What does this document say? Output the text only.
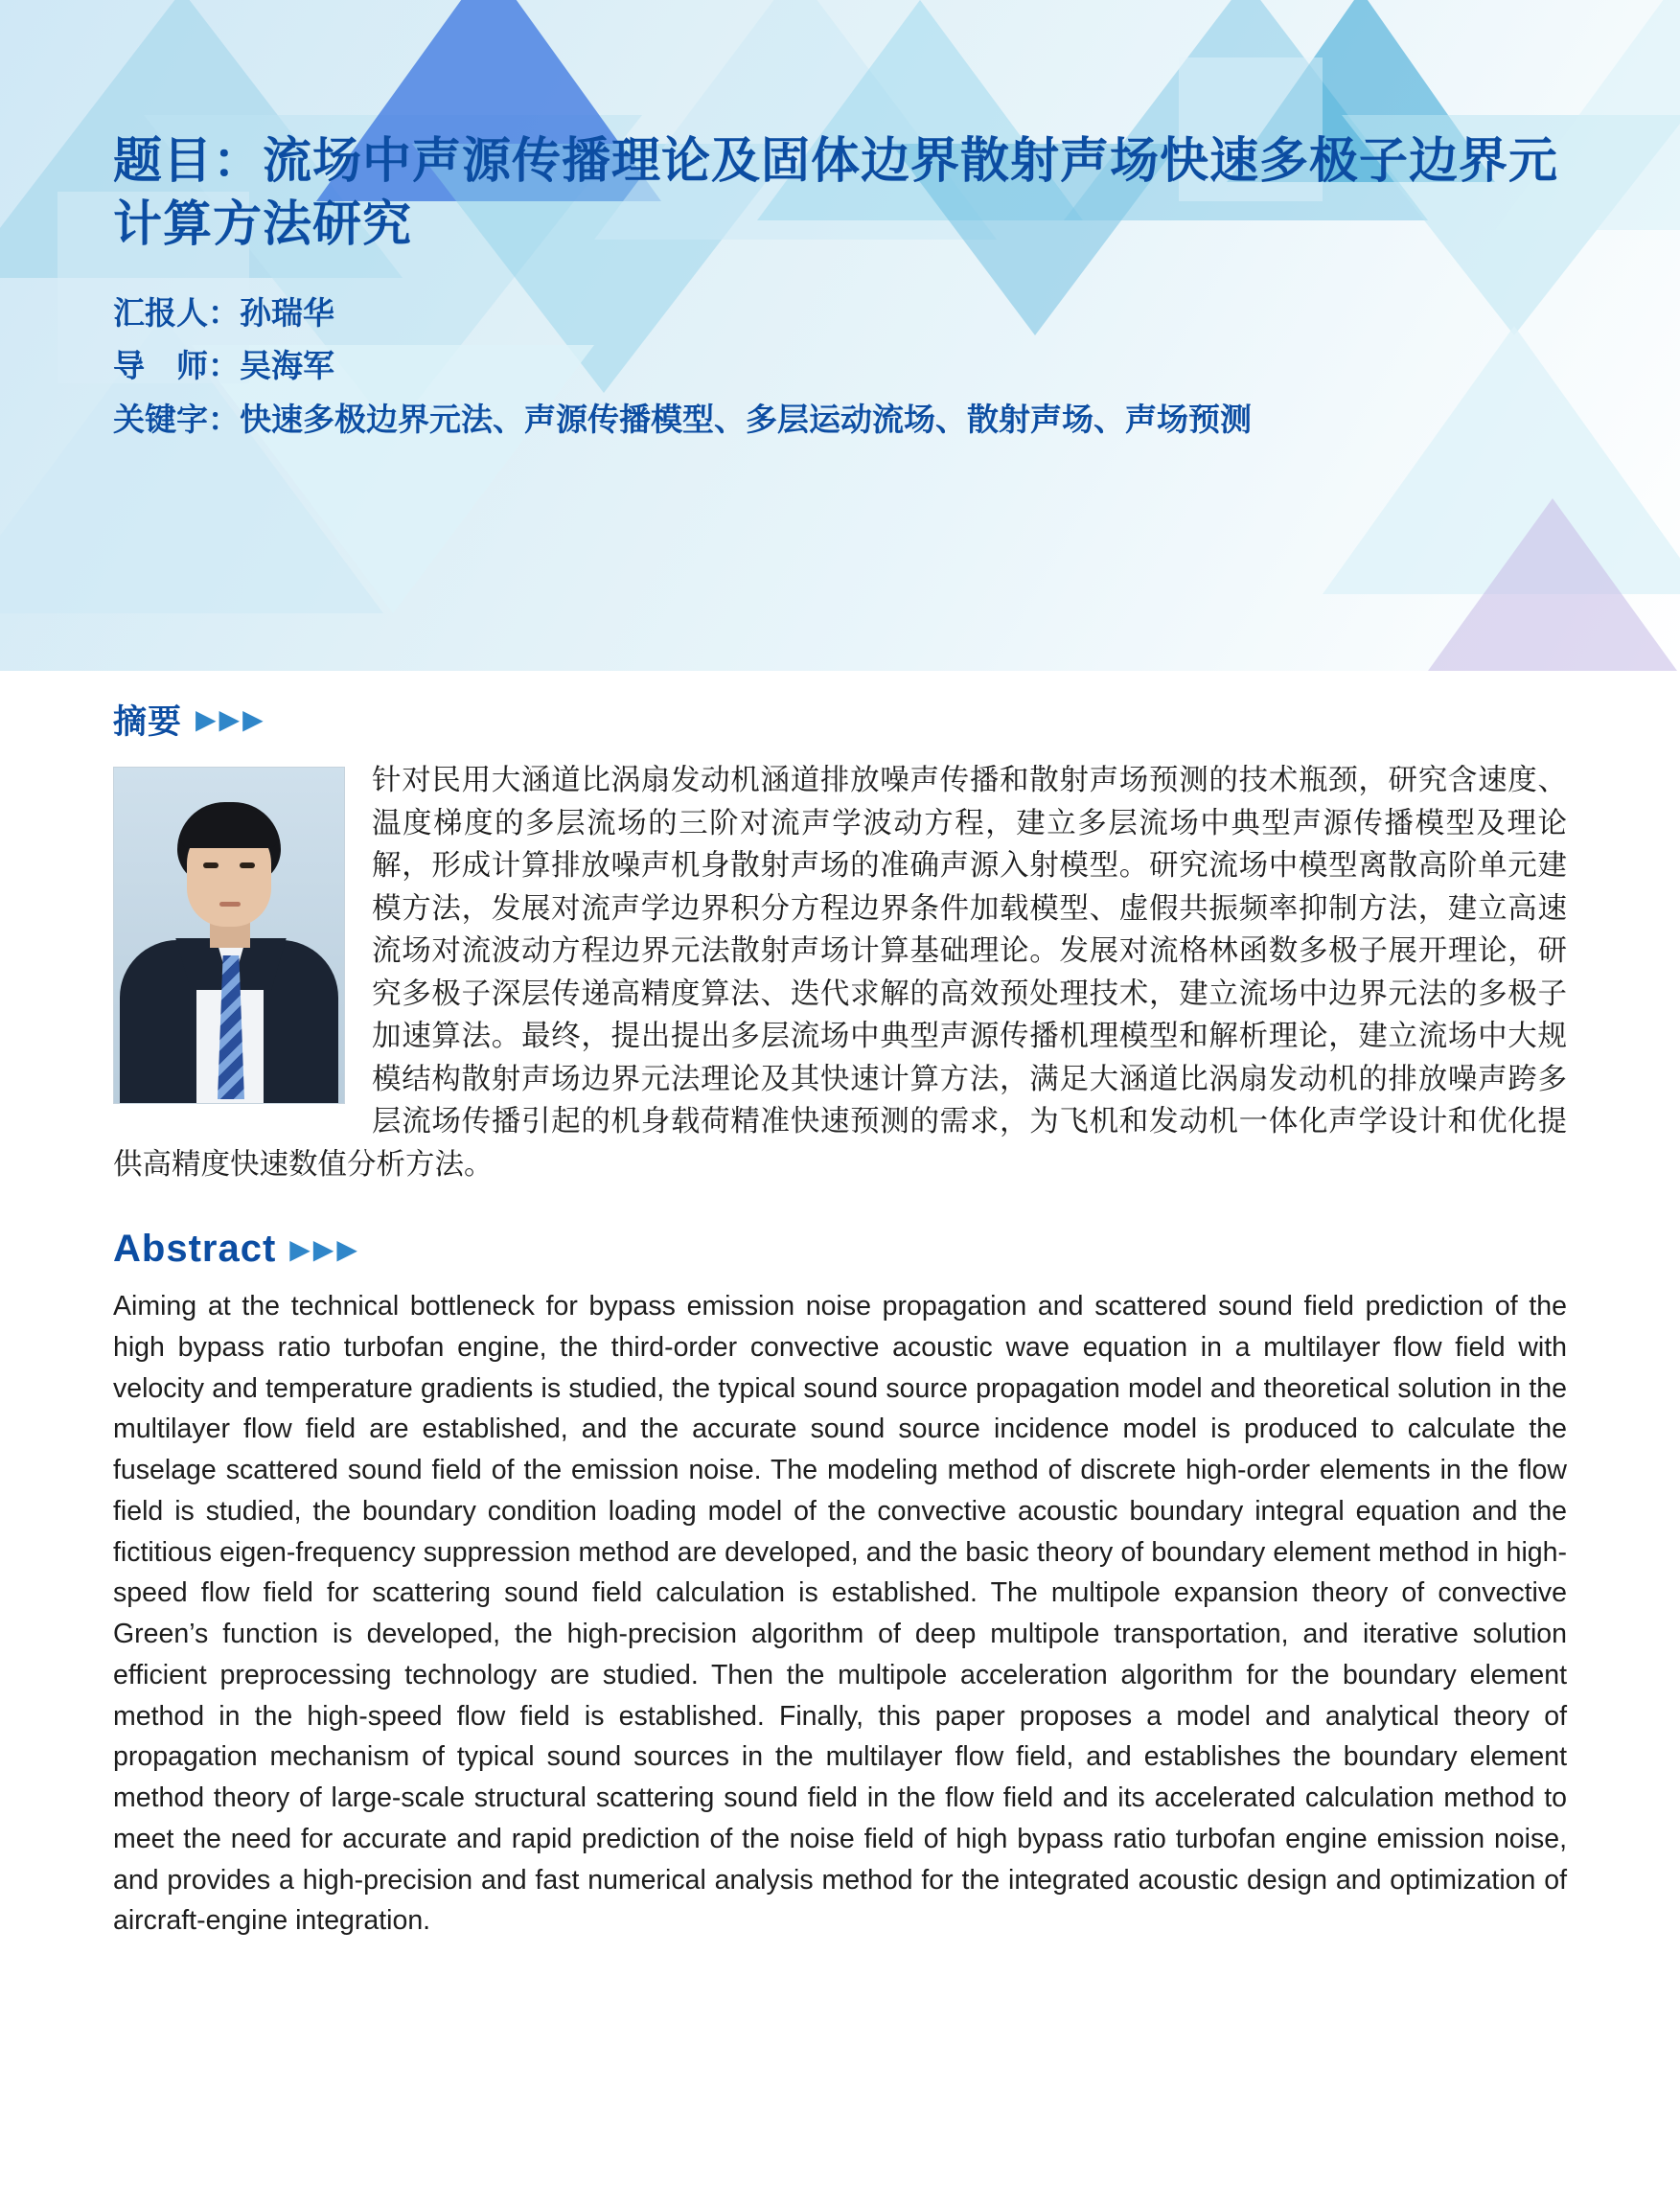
题目：流场中声源传播理论及固体边界散射声场快速多极子边界元计算方法研究

汇报人：孙瑞华

导　师：吴海军

关键字：快速多极边界元法、声源传播模型、多层运动流场、散射声场、声场预测

摘要 ▶▶▶
针对民用大涵道比涡扇发动机涵道排放噪声传播和散射声场预测的技术瓶颈，研究含速度、温度梯度的多层流场的三阶对流声学波动方程，建立多层流场中典型声源传播模型及理论解，形成计算排放噪声机身散射声场的准确声源入射模型。研究流场中模型离散高阶单元建模方法，发展对流声学边界积分方程边界条件加载模型、虚假共振频率抑制方法，建立高速流场对流波动方程边界元法散射声场计算基础理论。发展对流格林函数多极子展开理论，研究多极子深层传递高精度算法、迭代求解的高效预处理技术，建立流场中边界元法的多极子加速算法。最终，提出提出多层流场中典型声源传播机理模型和解析理论，建立流场中大规模结构散射声场边界元法理论及其快速计算方法，满足大涵道比涡扇发动机的排放噪声跨多层流场传播引起的机身载荷精准快速预测的需求，为飞机和发动机一体化声学设计和优化提供高精度快速数值分析方法。
Abstract ▶▶▶
Aiming at the technical bottleneck for bypass emission noise propagation and scattered sound field prediction of the high bypass ratio turbofan engine, the third-order convective acoustic wave equation in a multilayer flow field with velocity and temperature gradients is studied, the typical sound source propagation model and theoretical solution in the multilayer flow field are established, and the accurate sound source incidence model is produced to calculate the fuselage scattered sound field of the emission noise. The modeling method of discrete high-order elements in the flow field is studied, the boundary condition loading model of the convective acoustic boundary integral equation and the fictitious eigen-frequency suppression method are developed, and the basic theory of boundary element method in high-speed flow field for scattering sound field calculation is established. The multipole expansion theory of convective Green’s function is developed, the high-precision algorithm of deep multipole transportation, and iterative solution efficient preprocessing technology are studied. Then the multipole acceleration algorithm for the boundary element method in the high-speed flow field is established. Finally, this paper proposes a model and analytical theory of propagation mechanism of typical sound sources in the multilayer flow field, and establishes the boundary element method theory of large-scale structural scattering sound field in the flow field and its accelerated calculation method to meet the need for accurate and rapid prediction of the noise field of high bypass ratio turbofan engine emission noise, and provides a high-precision and fast numerical analysis method for the integrated acoustic design and optimization of aircraft-engine integration.
